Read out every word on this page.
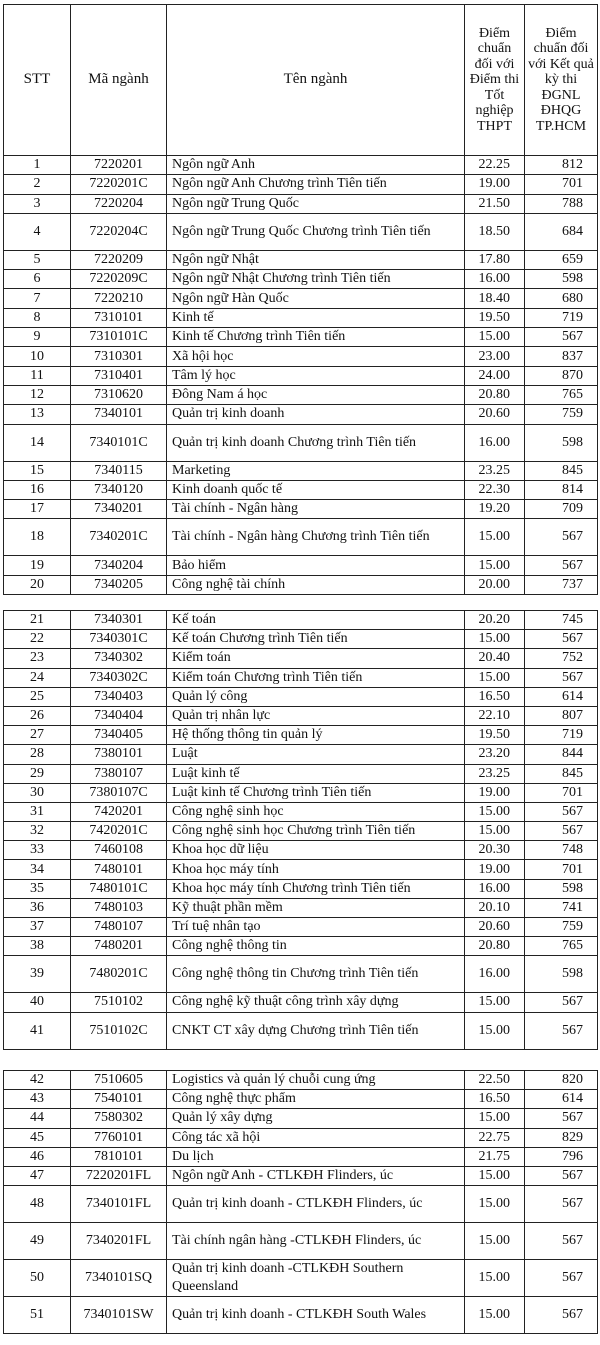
STT	Mã ngành	Tên ngành	Điểm chuẩn đối với Điểm thi Tốt nghiệp THPT	Điểm chuẩn đối với Kết quả kỳ thi ĐGNL ĐHQG TP.HCM
1	7220201	Ngôn ngữ Anh	22.25	812
2	7220201C	Ngôn ngữ Anh Chương trình Tiên tiến	19.00	701
3	7220204	Ngôn ngữ Trung Quốc	21.50	788
4	7220204C	Ngôn ngữ Trung Quốc Chương trình Tiên tiến	18.50	684
5	7220209	Ngôn ngữ Nhật	17.80	659
6	7220209C	Ngôn ngữ Nhật Chương trình Tiên tiến	16.00	598
7	7220210	Ngôn ngữ Hàn Quốc	18.40	680
8	7310101	Kinh tế	19.50	719
9	7310101C	Kinh tế Chương trình Tiên tiến	15.00	567
10	7310301	Xã hội học	23.00	837
11	7310401	Tâm lý học	24.00	870
12	7310620	Đông Nam á học	20.80	765
13	7340101	Quản trị kinh doanh	20.60	759
14	7340101C	Quản trị kinh doanh Chương trình Tiên tiến	16.00	598
15	7340115	Marketing	23.25	845
16	7340120	Kinh doanh quốc tế	22.30	814
17	7340201	Tài chính - Ngân hàng	19.20	709
18	7340201C	Tài chính - Ngân hàng Chương trình Tiên tiến	15.00	567
19	7340204	Bảo hiểm	15.00	567
20	7340205	Công nghệ tài chính	20.00	737
21	7340301	Kế toán	20.20	745
22	7340301C	Kế toán Chương trình Tiên tiến	15.00	567
23	7340302	Kiểm toán	20.40	752
24	7340302C	Kiểm toán Chương trình Tiên tiến	15.00	567
25	7340403	Quản lý công	16.50	614
26	7340404	Quản trị nhân lực	22.10	807
27	7340405	Hệ thống thông tin quản lý	19.50	719
28	7380101	Luật	23.20	844
29	7380107	Luật kinh tế	23.25	845
30	7380107C	Luật kinh tế Chương trình Tiên tiến	19.00	701
31	7420201	Công nghệ sinh học	15.00	567
32	7420201C	Công nghệ sinh học Chương trình Tiên tiến	15.00	567
33	7460108	Khoa học dữ liệu	20.30	748
34	7480101	Khoa học máy tính	19.00	701
35	7480101C	Khoa học máy tính Chương trình Tiên tiến	16.00	598
36	7480103	Kỹ thuật phần mềm	20.10	741
37	7480107	Trí tuệ nhân tạo	20.60	759
38	7480201	Công nghệ thông tin	20.80	765
39	7480201C	Công nghệ thông tin Chương trình Tiên tiến	16.00	598
40	7510102	Công nghệ kỹ thuật công trình xây dựng	15.00	567
41	7510102C	CNKT CT xây dựng Chương trình Tiên tiến	15.00	567
42	7510605	Logistics và quản lý chuỗi cung ứng	22.50	820
43	7540101	Công nghệ thực phẩm	16.50	614
44	7580302	Quản lý xây dựng	15.00	567
45	7760101	Công tác xã hội	22.75	829
46	7810101	Du lịch	21.75	796
47	7220201FL	Ngôn ngữ Anh - CTLKĐH Flinders, úc	15.00	567
48	7340101FL	Quản trị kinh doanh - CTLKĐH Flinders, úc	15.00	567
49	7340201FL	Tài chính ngân hàng -CTLKĐH Flinders, úc	15.00	567
50	7340101SQ	Quản trị kinh doanh -CTLKĐH Southern Queensland	15.00	567
51	7340101SW	Quản trị kinh doanh - CTLKĐH South Wales	15.00	567
